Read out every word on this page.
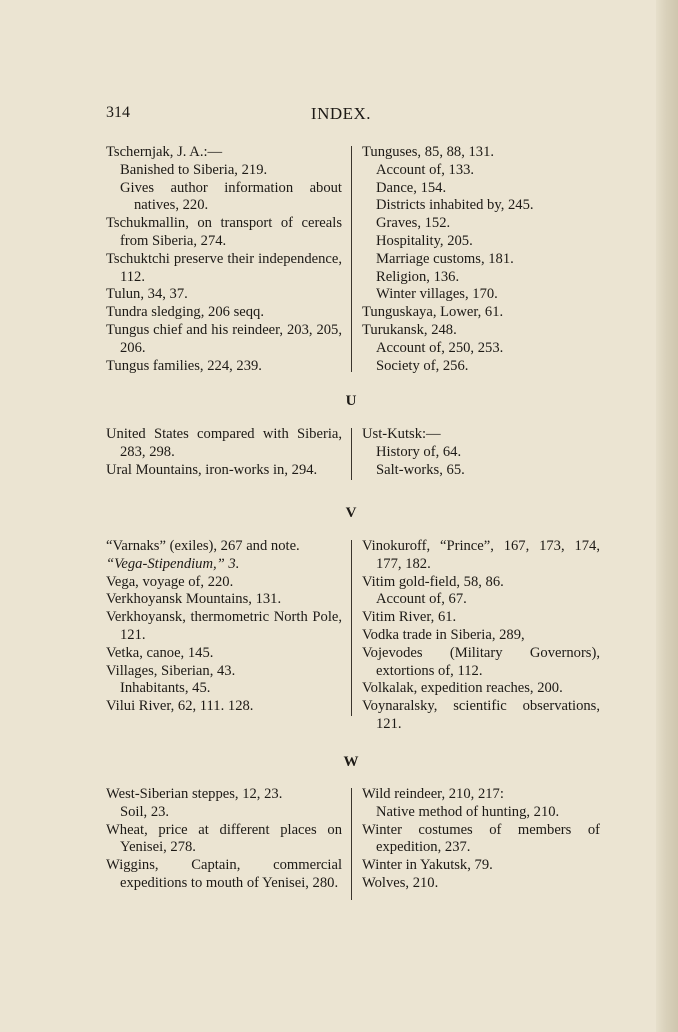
314	INDEX.
Tschernjak, J. A.:—
Banished to Siberia, 219.
Gives author information about natives, 220.
Tschukmallin, on transport of cereals from Siberia, 274.
Tschuktchi preserve their independence, 112.
Tulun, 34, 37.
Tundra sledging, 206 seqq.
Tungus chief and his reindeer, 203, 205, 206.
Tungus families, 224, 239.
Tunguses, 85, 88, 131.
Account of, 133.
Dance, 154.
Districts inhabited by, 245.
Graves, 152.
Hospitality, 205.
Marriage customs, 181.
Religion, 136.
Winter villages, 170.
Tunguskaya, Lower, 61.
Turukansk, 248.
Account of, 250, 253.
Society of, 256.
U
United States compared with Siberia, 283, 298.
Ural Mountains, iron-works in, 294.
Ust-Kutsk:—
History of, 64.
Salt-works, 65.
V
“Varnaks” (exiles), 267 and note.
“Vega-Stipendium,” 3.
Vega, voyage of, 220.
Verkhoyansk Mountains, 131.
Verkhoyansk, thermometric North Pole, 121.
Vetka, canoe, 145.
Villages, Siberian, 43.
Inhabitants, 45.
Vilui River, 62, 111. 128.
Vinokuroff, “Prince”, 167, 173, 174, 177, 182.
Vitim gold-field, 58, 86.
Account of, 67.
Vitim River, 61.
Vodka trade in Siberia, 289,
Vojevodes (Military Governors), extortions of, 112.
Volkalak, expedition reaches, 200.
Voynaralsky, scientific observations, 121.
W
West-Siberian steppes, 12, 23.
Soil, 23.
Wheat, price at different places on Yenisei, 278.
Wiggins, Captain, commercial expeditions to mouth of Yenisei, 280.
Wild reindeer, 210, 217:
Native method of hunting, 210.
Winter costumes of members of expedition, 237.
Winter in Yakutsk, 79.
Wolves, 210.
